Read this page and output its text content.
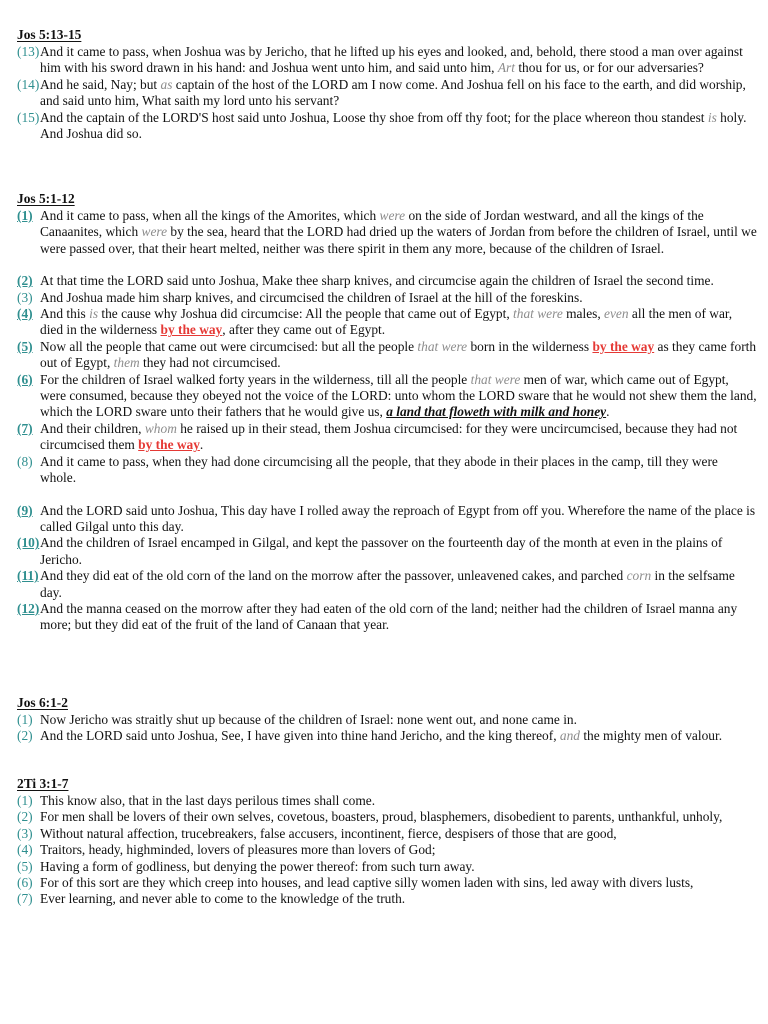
Jos 5:13-15
(13) And it came to pass, when Joshua was by Jericho, that he lifted up his eyes and looked, and, behold, there stood a man over against him with his sword drawn in his hand: and Joshua went unto him, and said unto him, Art thou for us, or for our adversaries?
(14) And he said, Nay; but as captain of the host of the LORD am I now come. And Joshua fell on his face to the earth, and did worship, and said unto him, What saith my lord unto his servant?
(15) And the captain of the LORD'S host said unto Joshua, Loose thy shoe from off thy foot; for the place whereon thou standest is holy. And Joshua did so.
Jos 5:1-12
(1) And it came to pass, when all the kings of the Amorites, which were on the side of Jordan westward, and all the kings of the Canaanites, which were by the sea, heard that the LORD had dried up the waters of Jordan from before the children of Israel, until we were passed over, that their heart melted, neither was there spirit in them any more, because of the children of Israel.
(2) At that time the LORD said unto Joshua, Make thee sharp knives, and circumcise again the children of Israel the second time.
(3) And Joshua made him sharp knives, and circumcised the children of Israel at the hill of the foreskins.
(4) And this is the cause why Joshua did circumcise: All the people that came out of Egypt, that were males, even all the men of war, died in the wilderness by the way, after they came out of Egypt.
(5) Now all the people that came out were circumcised: but all the people that were born in the wilderness by the way as they came forth out of Egypt, them they had not circumcised.
(6) For the children of Israel walked forty years in the wilderness, till all the people that were men of war, which came out of Egypt, were consumed, because they obeyed not the voice of the LORD: unto whom the LORD sware that he would not shew them the land, which the LORD sware unto their fathers that he would give us, a land that floweth with milk and honey.
(7) And their children, whom he raised up in their stead, them Joshua circumcised: for they were uncircumcised, because they had not circumcised them by the way.
(8) And it came to pass, when they had done circumcising all the people, that they abode in their places in the camp, till they were whole.
(9) And the LORD said unto Joshua, This day have I rolled away the reproach of Egypt from off you. Wherefore the name of the place is called Gilgal unto this day.
(10) And the children of Israel encamped in Gilgal, and kept the passover on the fourteenth day of the month at even in the plains of Jericho.
(11) And they did eat of the old corn of the land on the morrow after the passover, unleavened cakes, and parched corn in the selfsame day.
(12) And the manna ceased on the morrow after they had eaten of the old corn of the land; neither had the children of Israel manna any more; but they did eat of the fruit of the land of Canaan that year.
Jos 6:1-2
(1) Now Jericho was straitly shut up because of the children of Israel: none went out, and none came in.
(2) And the LORD said unto Joshua, See, I have given into thine hand Jericho, and the king thereof, and the mighty men of valour.
2Ti 3:1-7
(1) This know also, that in the last days perilous times shall come.
(2) For men shall be lovers of their own selves, covetous, boasters, proud, blasphemers, disobedient to parents, unthankful, unholy,
(3) Without natural affection, trucebreakers, false accusers, incontinent, fierce, despisers of those that are good,
(4) Traitors, heady, highminded, lovers of pleasures more than lovers of God;
(5) Having a form of godliness, but denying the power thereof: from such turn away.
(6) For of this sort are they which creep into houses, and lead captive silly women laden with sins, led away with divers lusts,
(7) Ever learning, and never able to come to the knowledge of the truth.
